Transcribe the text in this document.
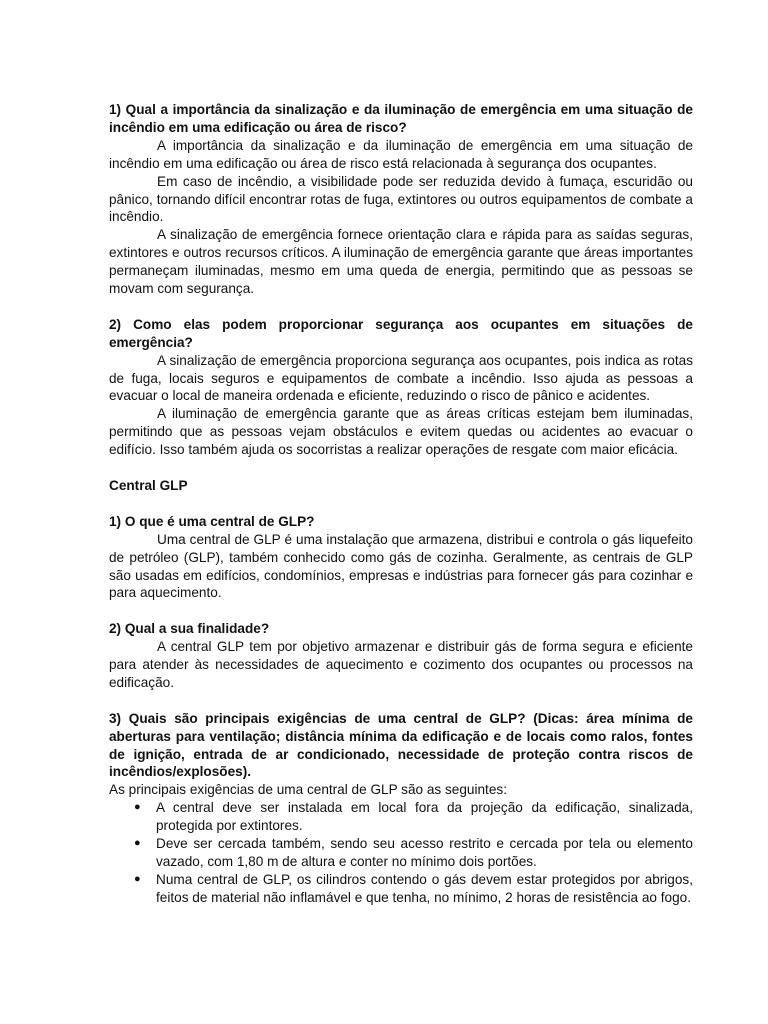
1) Qual a importância da sinalização e da iluminação de emergência em uma situação de incêndio em uma edificação ou área de risco?

A importância da sinalização e da iluminação de emergência em uma situação de incêndio em uma edificação ou área de risco está relacionada à segurança dos ocupantes.

Em caso de incêndio, a visibilidade pode ser reduzida devido à fumaça, escuridão ou pânico, tornando difícil encontrar rotas de fuga, extintores ou outros equipamentos de combate a incêndio.

A sinalização de emergência fornece orientação clara e rápida para as saídas seguras, extintores e outros recursos críticos. A iluminação de emergência garante que áreas importantes permaneçam iluminadas, mesmo em uma queda de energia, permitindo que as pessoas se movam com segurança.

2) Como elas podem proporcionar segurança aos ocupantes em situações de emergência?

A sinalização de emergência proporciona segurança aos ocupantes, pois indica as rotas de fuga, locais seguros e equipamentos de combate a incêndio. Isso ajuda as pessoas a evacuar o local de maneira ordenada e eficiente, reduzindo o risco de pânico e acidentes.

A iluminação de emergência garante que as áreas críticas estejam bem iluminadas, permitindo que as pessoas vejam obstáculos e evitem quedas ou acidentes ao evacuar o edifício. Isso também ajuda os socorristas a realizar operações de resgate com maior eficácia.

Central GLP

1) O que é uma central de GLP?

Uma central de GLP é uma instalação que armazena, distribui e controla o gás liquefeito de petróleo (GLP), também conhecido como gás de cozinha. Geralmente, as centrais de GLP são usadas em edifícios, condomínios, empresas e indústrias para fornecer gás para cozinhar e para aquecimento.

2) Qual a sua finalidade?

A central GLP tem por objetivo armazenar e distribuir gás de forma segura e eficiente para atender às necessidades de aquecimento e cozimento dos ocupantes ou processos na edificação.

3) Quais são principais exigências de uma central de GLP? (Dicas: área mínima de aberturas para ventilação; distância mínima da edificação e de locais como ralos, fontes de ignição, entrada de ar condicionado, necessidade de proteção contra riscos de incêndios/explosões).

As principais exigências de uma central de GLP são as seguintes:

● A central deve ser instalada em local fora da projeção da edificação, sinalizada, protegida por extintores.
● Deve ser cercada também, sendo seu acesso restrito e cercada por tela ou elemento vazado, com 1,80 m de altura e conter no mínimo dois portões.
● Numa central de GLP, os cilindros contendo o gás devem estar protegidos por abrigos, feitos de material não inflamável e que tenha, no mínimo, 2 horas de resistência ao fogo.
